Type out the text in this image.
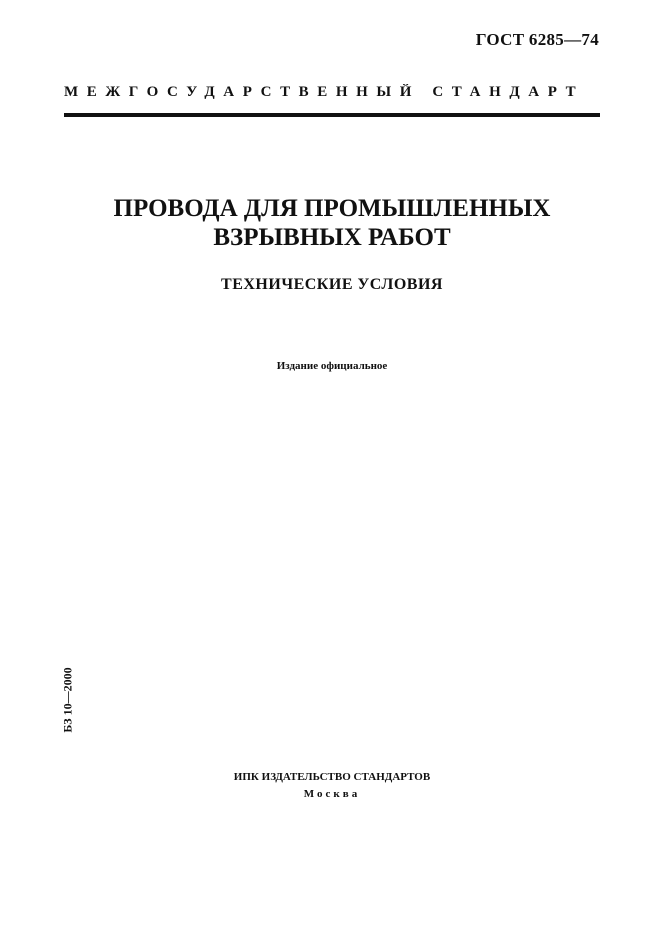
ГОСТ 6285—74
МЕЖГОСУДАРСТВЕННЫЙ СТАНДАРТ
ПРОВОДА ДЛЯ ПРОМЫШЛЕННЫХ
ВЗРЫВНЫХ РАБОТ
ТЕХНИЧЕСКИЕ УСЛОВИЯ
Издание официальное
БЗ 10—2000
ИПК ИЗДАТЕЛЬСТВО СТАНДАРТОВ
Москва
